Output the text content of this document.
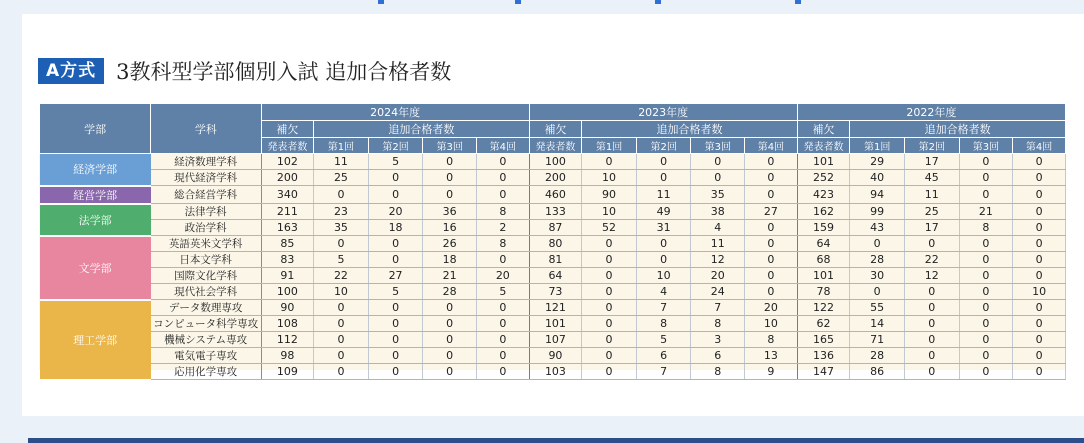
A方式 3教科型学部個別入試 追加合格者数
学部	学科	2024年度					2023年度					2022年度				
		補欠	追加合格者数				補欠	追加合格者数				補欠	追加合格者数			
		発表者数	第1回	第2回	第3回	第4回	発表者数	第1回	第2回	第3回	第4回	発表者数	第1回	第2回	第3回	第4回
経済学部	経済数理学科	102	11	5	0	0	100	0	0	0	0	101	29	17	0	0
	現代経済学科	200	25	0	0	0	200	10	0	0	0	252	40	45	0	0
経営学部	総合経営学科	340	0	0	0	0	460	90	11	35	0	423	94	11	0	0
法学部	法律学科	211	23	20	36	8	133	10	49	38	27	162	99	25	21	0
	政治学科	163	35	18	16	2	87	52	31	4	0	159	43	17	8	0
文学部	英語英米文学科	85	0	0	26	8	80	0	0	11	0	64	0	0	0	0
	日本文学科	83	5	0	18	0	81	0	0	12	0	68	28	22	0	0
	国際文化学科	91	22	27	21	20	64	0	10	20	0	101	30	12	0	0
	現代社会学科	100	10	5	28	5	73	0	4	24	0	78	0	0	0	10
理工学部	データ数理専攻	90	0	0	0	0	121	0	7	7	20	122	55	0	0	0
	コンピュータ科学専攻	108	0	0	0	0	101	0	8	8	10	62	14	0	0	0
	機械システム専攻	112	0	0	0	0	107	0	5	3	8	165	71	0	0	0
	電気電子専攻	98	0	0	0	0	90	0	6	6	13	136	28	0	0	0
	応用化学専攻	109	0	0	0	0	103	0	7	8	9	147	86	0	0	0
